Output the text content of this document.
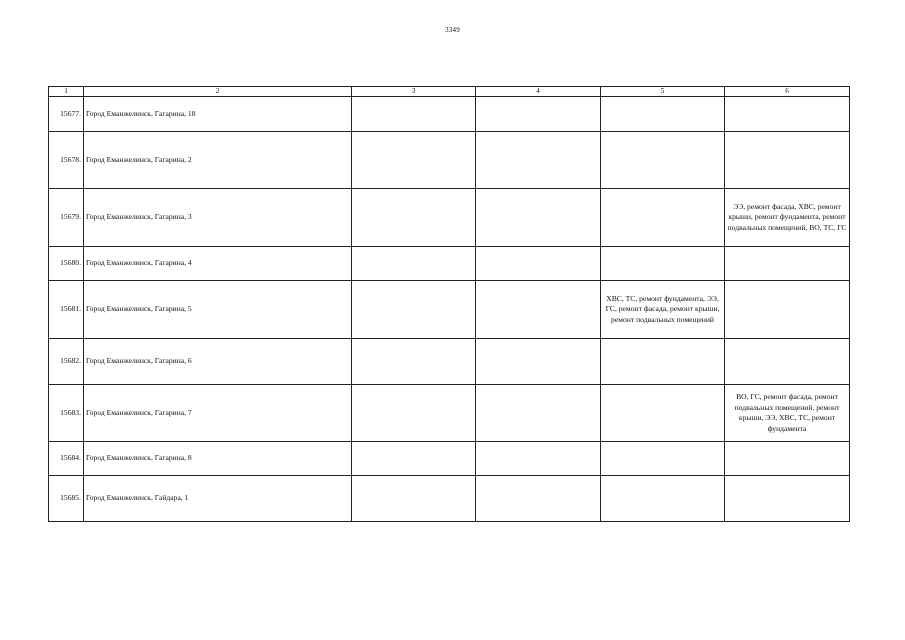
3349
1	2	3	4	5	6
15677.	Город Еманжелинск, Гагарина, 18				
15678.	Город Еманжелинск, Гагарина, 2				
15679.	Город Еманжелинск, Гагарина, 3				ЭЭ, ремонт фасада, ХВС, ремонт крыши, ремонт фундамента, ремонт подвальных помещений, ВО, ТС, ГС
15680.	Город Еманжелинск, Гагарина, 4				
15681.	Город Еманжелинск, Гагарина, 5			ХВС, ТС, ремонт фундамента, ЭЭ, ГС, ремонт фасада, ремонт крыши, ремонт подвальных помещений	
15682.	Город Еманжелинск, Гагарина, 6				
15683.	Город Еманжелинск, Гагарина, 7				ВО, ГС, ремонт фасада, ремонт подвальных помещений, ремонт крыши, ЭЭ, ХВС, ТС, ремонт фундамента
15684.	Город Еманжелинск, Гагарина, 8				
15685.	Город Еманжелинск, Гайдара, 1				
